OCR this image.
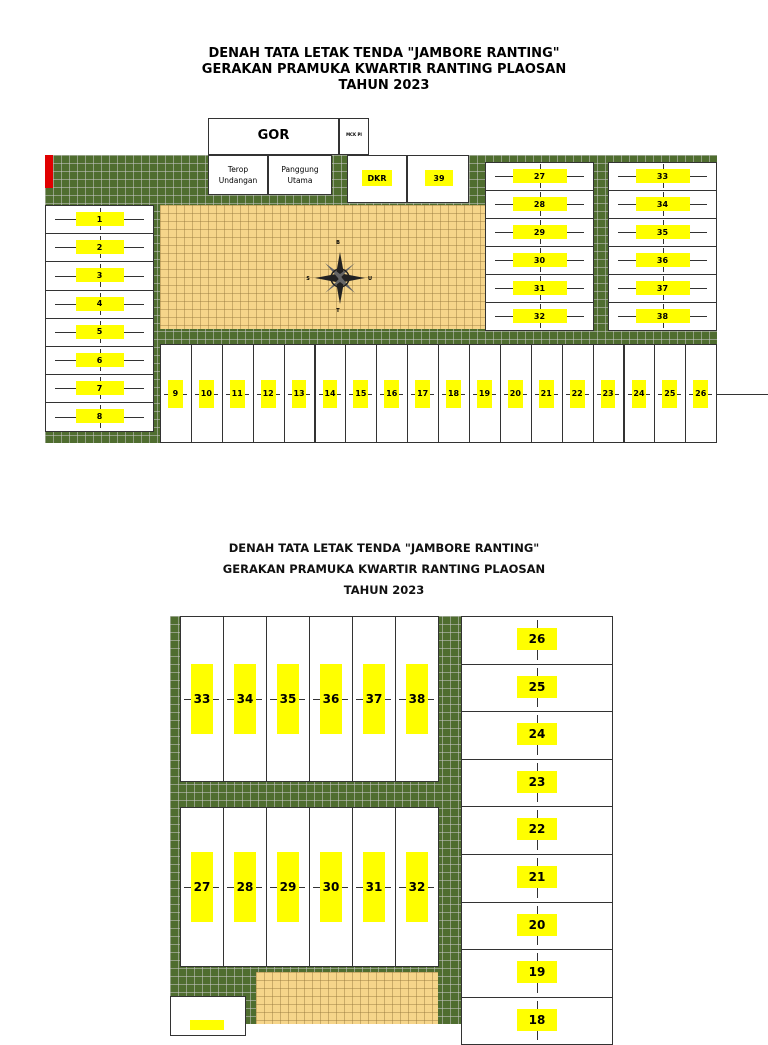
DENAH TATA LETAK TENDA "JAMBORE RANTING"
GERAKAN PRAMUKA KWARTIR RANTING PLAOSAN
TAHUN 2023
GOR	MCK PI
Terop Undangan
Panggung Utama	DKR	39
B
T
S	U
1
2
3
4
5
6
7
8
9	10 11 12 13 14 15 16 17 18 19 20 21 22 23 24 25 26
27
28
29
30
31
32
33
34
35
36
37
38
DENAH TATA LETAK TENDA "JAMBORE RANTING"
GERAKAN PRAMUKA KWARTIR RANTING PLAOSAN
TAHUN 2023
33 34 35 36 37 38
27 28 29 30 31 32
26
25
24
23
22
21
20
19
18
